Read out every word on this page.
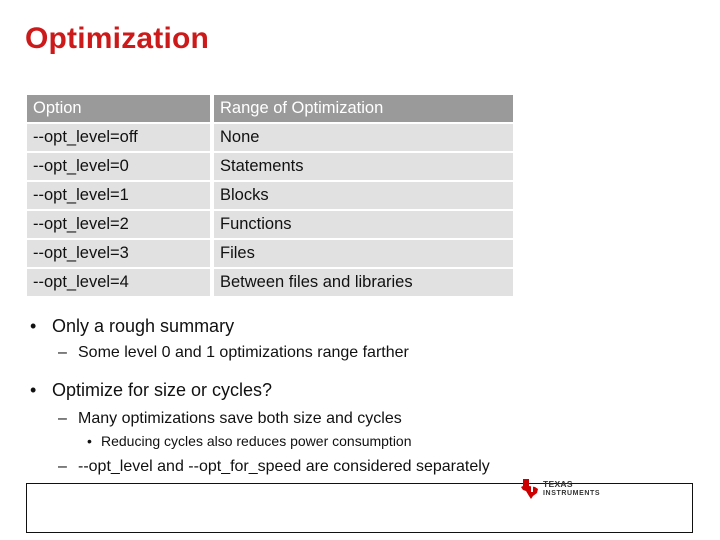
Optimization
Option	Range of Optimization
--opt_level=off	None
--opt_level=0	Statements
--opt_level=1	Blocks
--opt_level=2	Functions
--opt_level=3	Files
--opt_level=4	Between files and libraries
• Only a rough summary
– Some level 0 and 1 optimizations range farther
• Optimize for size or cycles?
– Many optimizations save both size and cycles
• Reducing cycles also reduces power consumption
– --opt_level and --opt_for_speed are considered separately
TEXAS
INSTRUMENTS
